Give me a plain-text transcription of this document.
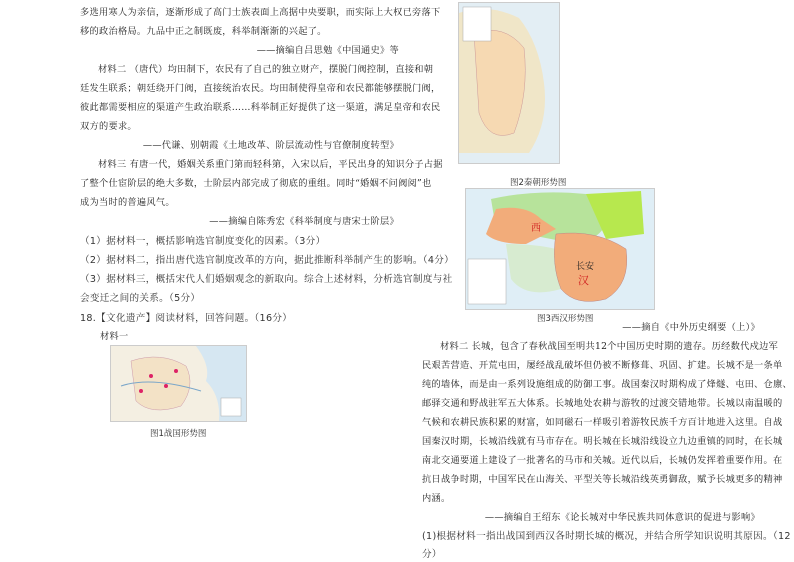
多选用寒人为亲信，逐渐形成了高门士族表面上高据中央要职，而实际上大权已旁落下
移的政治格局。九品中正之制既废，科举制渐渐的兴起了。
——摘编自吕思勉《中国通史》等
材料二 （唐代）均田制下，农民有了自己的独立财产，摆脱门阀控制，直接和朝
廷发生联系；朝廷绕开门阀，直接统治农民。均田制使得皇帝和农民都能够摆脱门阀，
彼此都需要相应的渠道产生政治联系……科举制正好提供了这一渠道，满足皇帝和农民
双方的要求。
——代谦、别朝霞《土地改革、阶层流动性与官僚制度转型》
材料三 有唐一代，婚姻关系重门第而轻科第，入宋以后，平民出身的知识分子占据
了整个仕宦阶层的绝大多数，士阶层内部完成了彻底的重组。同时“婚姻不问阀阅”也
成为当时的普遍风气。
——摘编自陈秀宏《科举制度与唐宋士阶层》
（1）据材料一，概括影响选官制度变化的因素。（3分）
（2）据材料二，指出唐代选官制度改革的方向，据此推断科举制产生的影响。（4分）
（3）据材料三，概括宋代人们婚姻观念的新取向。综合上述材料，分析选官制度与社
会变迁之间的关系。（5分）
18.【文化遗产】阅读材料，回答问题。（16分）
材料一
图1战国形势图
图2秦朝形势图
西
长安
汉
图3西汉形势图
——摘自《中外历史纲要（上）》
材料二 长城，包含了春秋战国至明共12个中国历史时期的遗存。历经数代戍边军
民艰苦营造、开荒屯田，屡经战乱破坏但仍被不断修葺、巩固、扩建。长城不是一条单
纯的墙体，而是由一系列设施组成的防御工事。战国秦汉时期构成了烽燧、屯田、仓廪、
邮驿交通和野战驻军五大体系。长城地处农耕与游牧的过渡交错地带。长城以南温暖的
气候和农耕民族积累的财富，如同磁石一样吸引着游牧民族千方百计地进入这里。自战
国秦汉时期，长城沿线就有马市存在。明长城在长城沿线设立九边重镇的同时，在长城
南北交通要道上建设了一批著名的马市和关城。近代以后，长城仍发挥着重要作用。在
抗日战争时期，中国军民在山海关、平型关等长城沿线英勇御敌，赋予长城更多的精神
内涵。
——摘编自王绍东《论长城对中华民族共同体意识的促进与影响》
(1)根据材料一指出战国到西汉各时期长城的概况，并结合所学知识说明其原因。（12
分）
